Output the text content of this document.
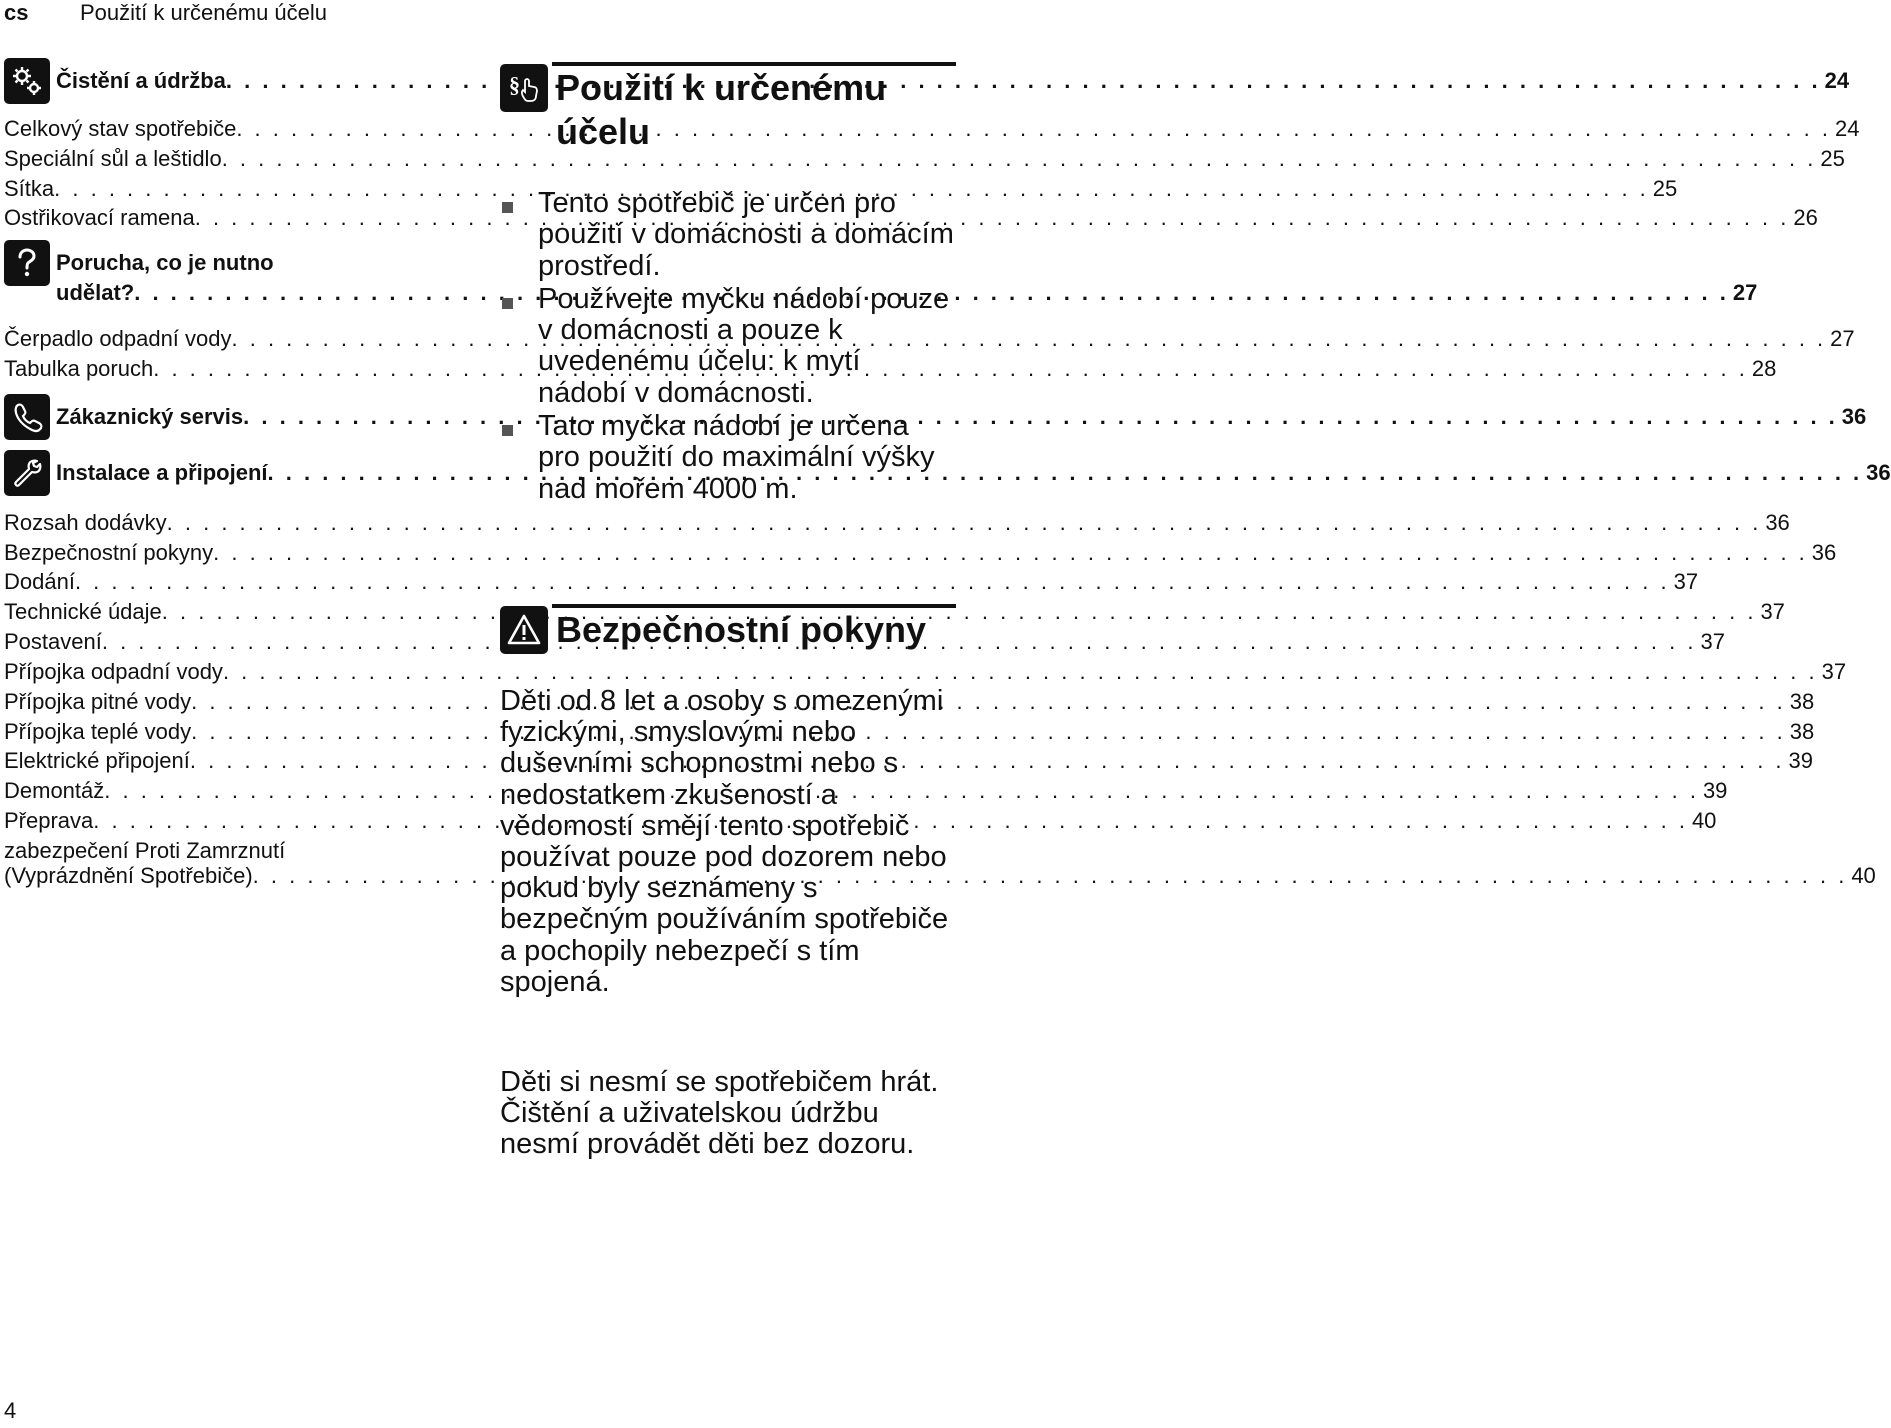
cs Použití k určenému účelu
Čistění a údržba . . .	24
Celkový stav spotřebiče . . .	24
Speciální sůl a leštidlo . . .	25
Sítka . . .	25
Ostřikovací ramena . . .	26
Porucha, co je nutno
udělat? . . .	27
Čerpadlo odpadní vody . . .	27
Tabulka poruch . . .	28
Zákaznický servis . . .	36
Instalace a připojení . . .	36
Rozsah dodávky . . .	36
Bezpečnostní pokyny . . .	36
Dodání . . .	37
Technické údaje . . .	37
Postavení . . .	37
Přípojka odpadní vody . . .	37
Přípojka pitné vody . . .	38
Přípojka teplé vody . . .	38
Elektrické připojení . . .	39
Demontáž . . .	39
Přeprava . . .	40
zabezpečení Proti Zamrznutí
(Vyprázdnění Spotřebiče) . . .	40
§ Použití k určenému
účelu
Tento spotřebič je určen pro použití v domácnosti a domácím prostředí.
Používejte myčku nádobí pouze v domácnosti a pouze k uvedenému účelu: k mytí nádobí v domácnosti.
Tato myčka nádobí je určena pro použití do maximální výšky nad mořem 4000 m.
Bezpečnostní pokyny

Děti od 8 let a osoby s omezenými fyzickými, smyslovými nebo duševními schopnostmi nebo s nedostatkem zkušeností a vědomostí smějí tento spotřebič používat pouze pod dozorem nebo pokud byly seznámeny s bezpečným používáním spotřebiče a pochopily nebezpečí s tím spojená.

Děti si nesmí se spotřebičem hrát. Čištění a uživatelskou údržbu nesmí provádět děti bez dozoru.

4
